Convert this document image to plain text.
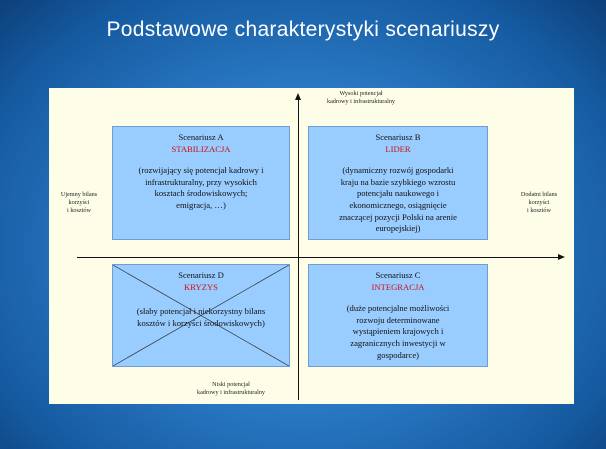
Podstawowe charakterystyki scenariuszy
Wysoki potencjał
kadrowy i infrastrukturalny
Niski potencjał
kadrowy i infrastrukturalny
Ujemny bilans
korzyści
i kosztów
Dodatni bilans
korzyści
i kosztów
Scenariusz A
STABILIZACJA
(rozwijający się potencjał kadrowy i
infrastrukturalny, przy wysokich
kosztach środowiskowych;
emigracja, …)
Scenariusz B
LIDER
(dynamiczny rozwój gospodarki
kraju na bazie szybkiego wzrostu
potencjału naukowego i
ekonomicznego, osiągnięcie
znaczącej pozycji Polski na arenie
europejskiej)
Scenariusz D
KRYZYS
(słaby potencjał i niekorzystny bilans
kosztów i korzyści środowiskowych)
Scenariusz C
INTEGRACJA
(duże potencjalne możliwości
rozwoju determinowane
wystąpieniem krajowych i
zagranicznych inwestycji w
gospodarce)
